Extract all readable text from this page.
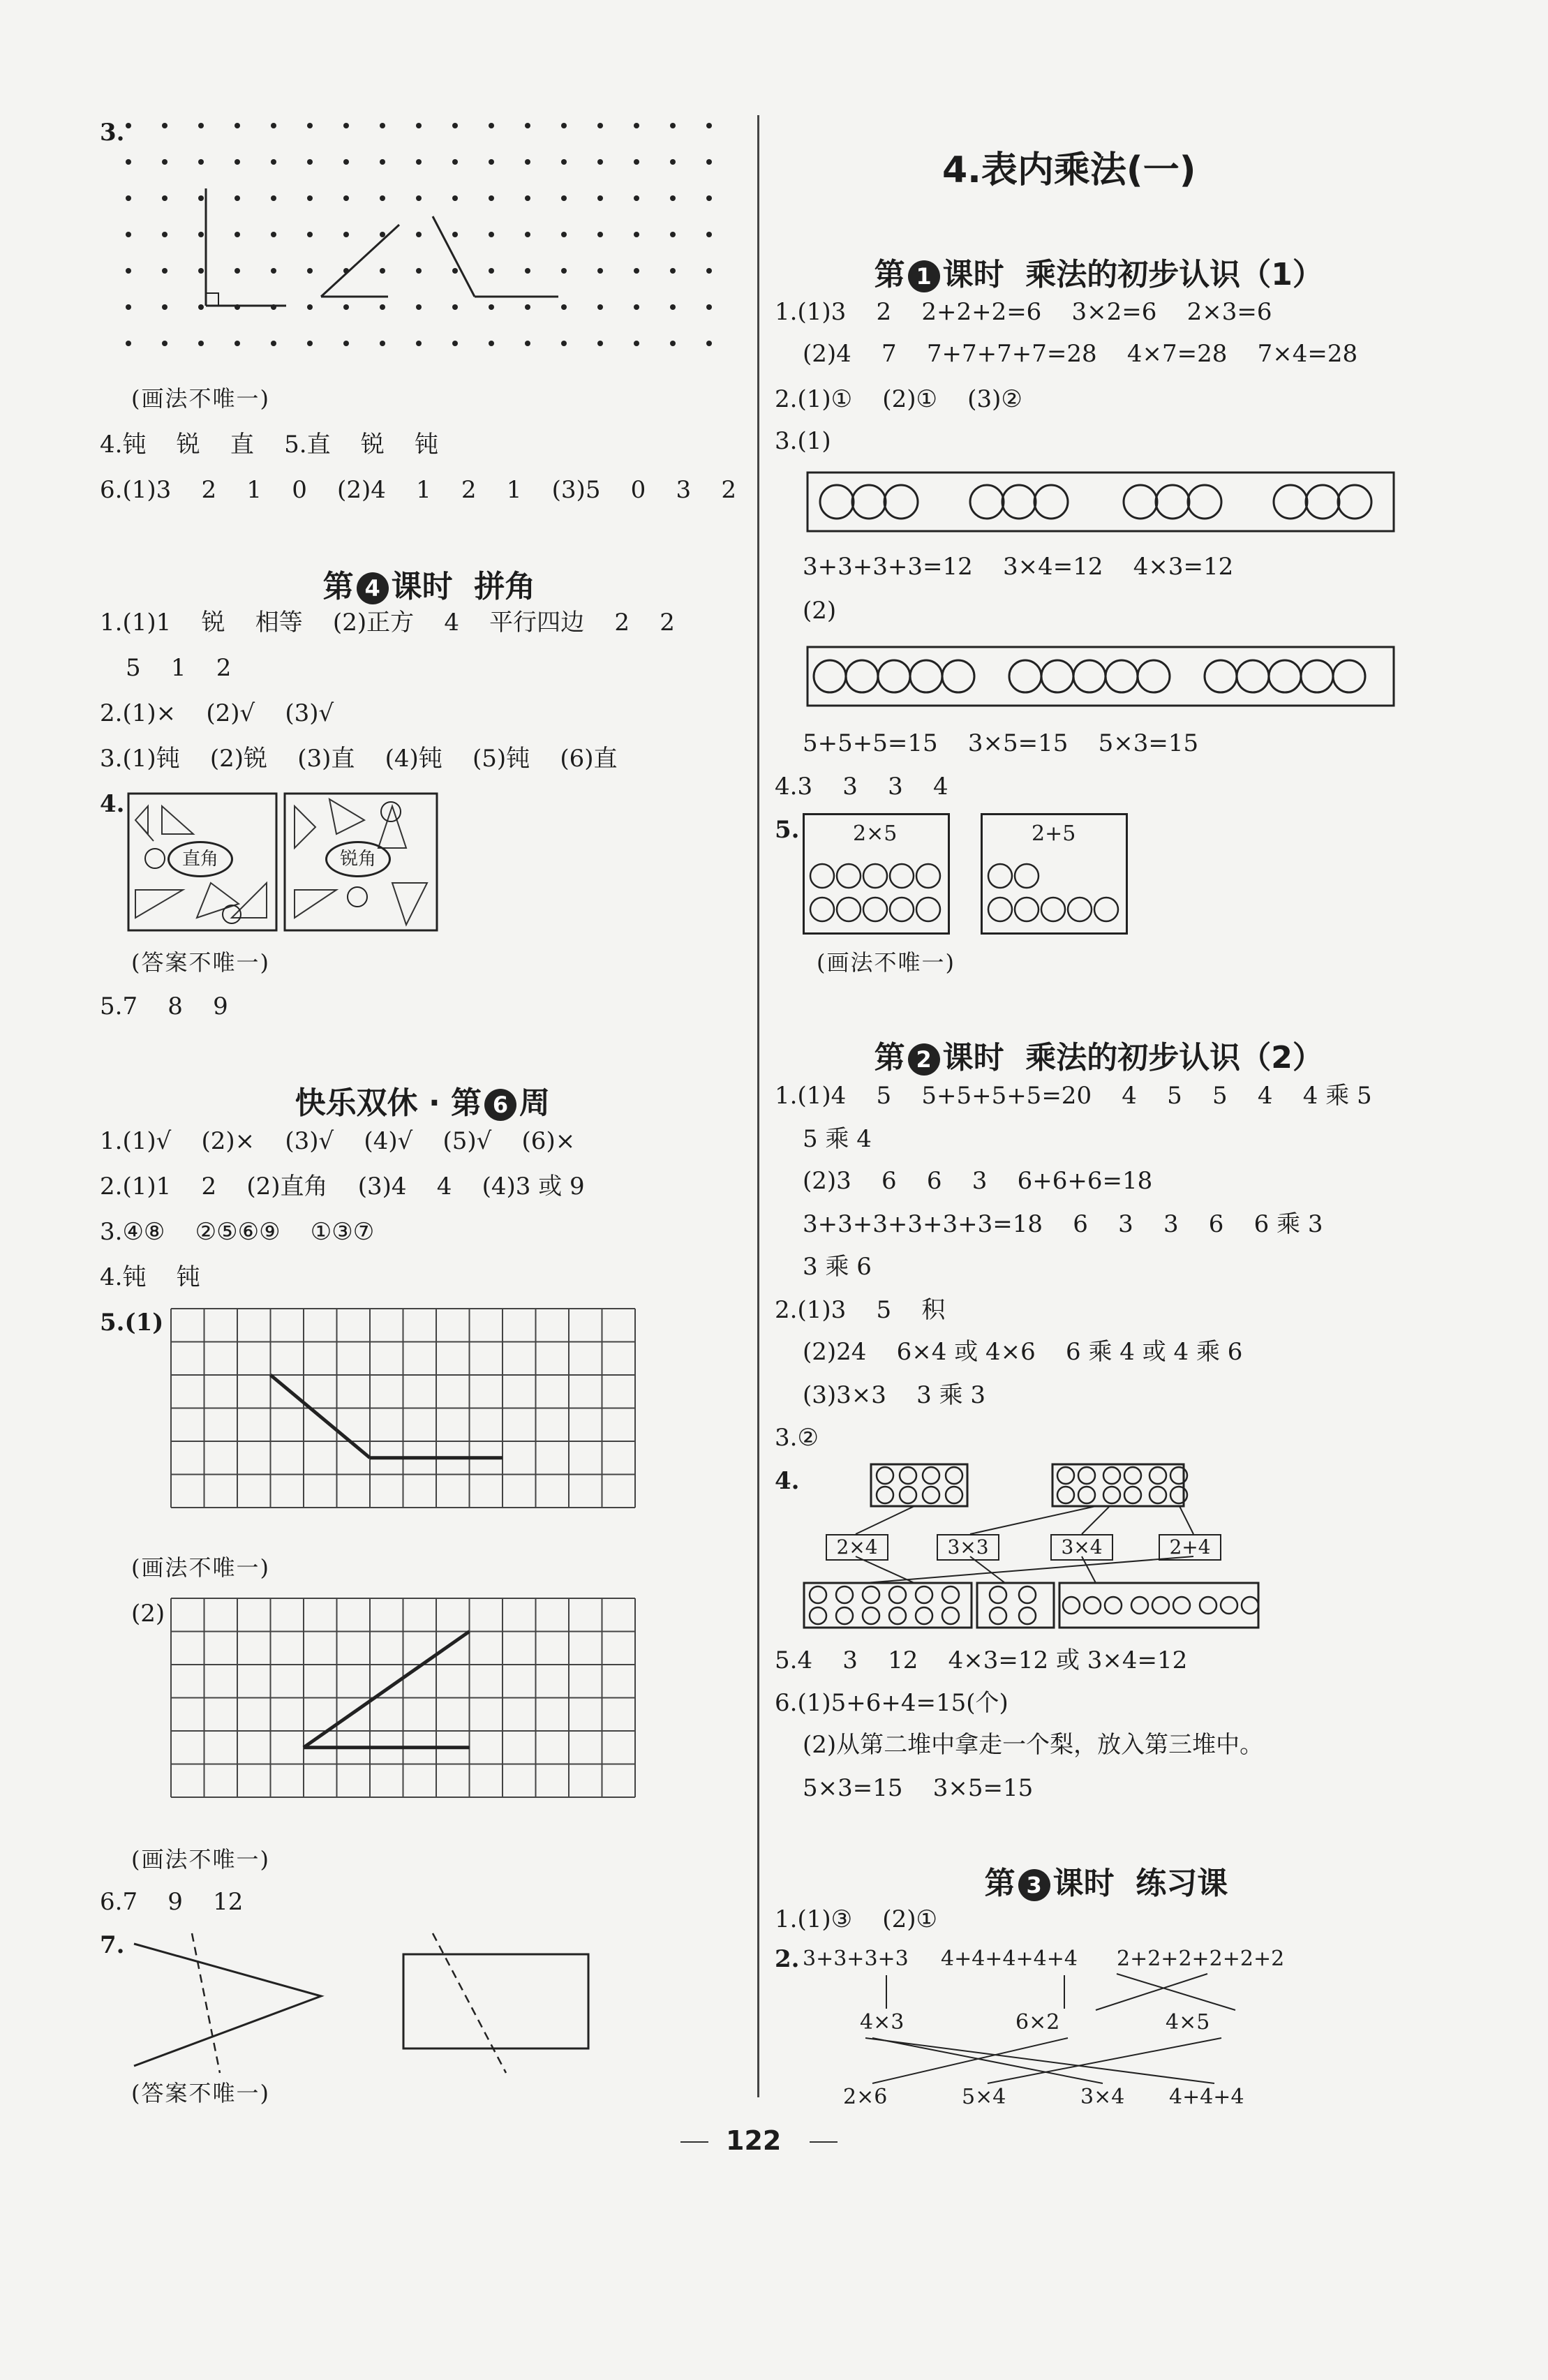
3.
(画法不唯一)
4.钝    锐    直    5.直    锐    钝
6.(1)3    2    1    0    (2)4    1    2    1    (3)5    0    3    2

第 4 课时  拼角

1.(1)1    锐    相等    (2)正方    4    平行四边    2    2
5    1    2
2.(1)×    (2)√    (3)√
3.(1)钝    (2)锐    (3)直    (4)钝    (5)钝    (6)直
4.
直角	锐角
(答案不唯一)
5.7    8    9

快乐双休 · 第 6 周

1.(1)√    (2)×    (3)√    (4)√    (5)√    (6)×
2.(1)1    2    (2)直角    (3)4    4    (4)3 或 9
3.④⑧    ②⑤⑥⑨    ①③⑦
4.钝    钝
5.(1)
(画法不唯一)
(2)
(画法不唯一)
6.7    9    12
7.
(答案不唯一)
4.表内乘法(一)

第 1 课时  乘法的初步认识（1）

1.(1)3    2    2+2+2=6    3×2=6    2×3=6
(2)4    7    7+7+7+7=28    4×7=28    7×4=28
2.(1)①    (2)①    (3)②
3.(1)
3+3+3+3=12    3×4=12    4×3=12
(2)
5+5+5=15    3×5=15    5×3=15
4.3    3    3    4
5.	2×5	2+5
(画法不唯一)

第 2 课时  乘法的初步认识（2）

1.(1)4    5    5+5+5+5=20    4    5    5    4    4 乘 5
5 乘 4
(2)3    6    6    3    6+6+6=18
3+3+3+3+3+3=18    6    3    3    6    6 乘 3
3 乘 6
2.(1)3    5    积
(2)24    6×4 或 4×6    6 乘 4 或 4 乘 6
(3)3×3    3 乘 3
3.②
4.
2×4	3×3	3×4	2+4
5.4    3    12    4×3=12 或 3×4=12
6.(1)5+6+4=15(个)
(2)从第二堆中拿走一个梨，放入第三堆中。
5×3=15    3×5=15

第 3 课时  练习课

1.(1)③    (2)①
2. 3+3+3+3 4+4+4+4+4 2+2+2+2+2+2
4×3	6×2	4×5
2×6	5×4	3×4 4+4+4
122
